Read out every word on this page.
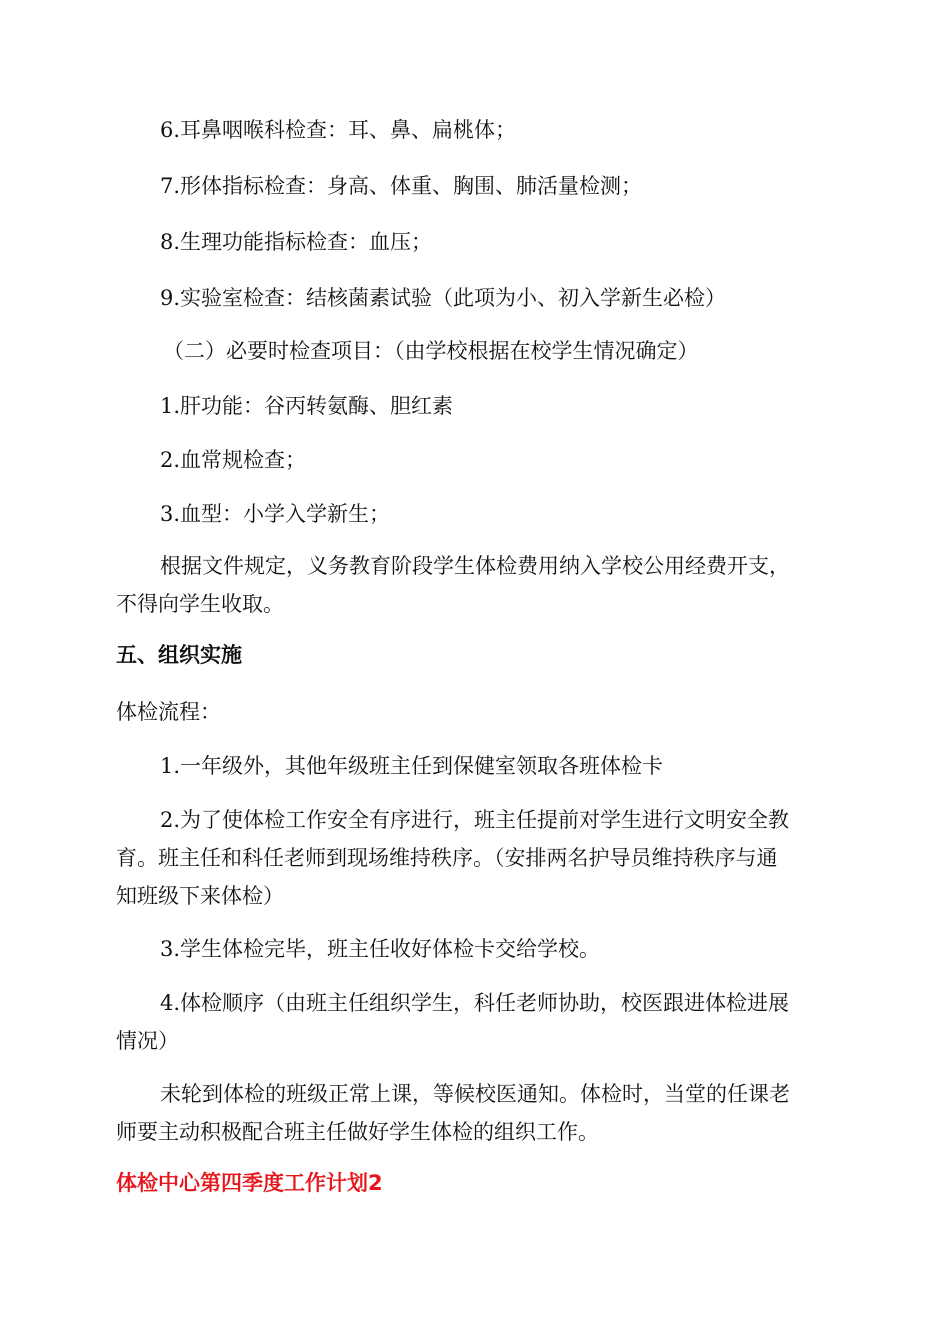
6.耳鼻咽喉科检查：耳、鼻、扁桃体；
7.形体指标检查：身高、体重、胸围、肺活量检测；
8.生理功能指标检查：血压；
9.实验室检查：结核菌素试验（此项为小、初入学新生必检）
（二）必要时检查项目：（由学校根据在校学生情况确定）
1.肝功能：谷丙转氨酶、胆红素
2.血常规检查；
3.血型：小学入学新生；
根据文件规定，义务教育阶段学生体检费用纳入学校公用经费开支，
不得向学生收取。
五、组织实施
体检流程：
1.一年级外，其他年级班主任到保健室领取各班体检卡
2.为了使体检工作安全有序进行，班主任提前对学生进行文明安全教
育。班主任和科任老师到现场维持秩序。（安排两名护导员维持秩序与通
知班级下来体检）
3.学生体检完毕，班主任收好体检卡交给学校。
4.体检顺序（由班主任组织学生，科任老师协助，校医跟进体检进展
情况）
未轮到体检的班级正常上课，等候校医通知。体检时，当堂的任课老
师要主动积极配合班主任做好学生体检的组织工作。
体检中心第四季度工作计划2
